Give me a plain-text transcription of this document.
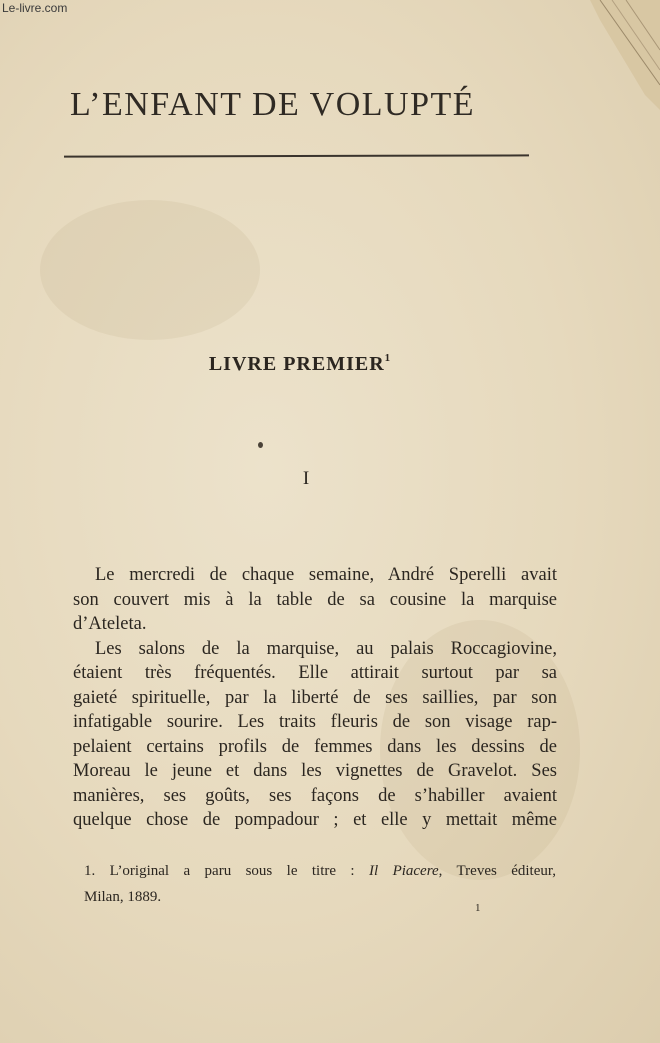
Le-livre.com
L’ENFANT DE VOLUPTÉ
LIVRE PREMIER$^1$
I
Le mercredi de chaque semaine, André Sperelli avait
son couvert mis à la table de sa cousine la marquise
d’Ateleta.
Les salons de la marquise, au palais Roccagiovine,
étaient très fréquentés. Elle attirait surtout par sa
gaieté spirituelle, par la liberté de ses saillies, par son
infatigable sourire. Les traits fleuris de son visage rap-
pelaient certains profils de femmes dans les dessins de
Moreau le jeune et dans les vignettes de Gravelot. Ses
manières, ses goûts, ses façons de s’habiller avaient
quelque chose de pompadour ; et elle y mettait même
1. L’original a paru sous le titre : Il Piacere, Treves éditeur,
Milan, 1889.
1
